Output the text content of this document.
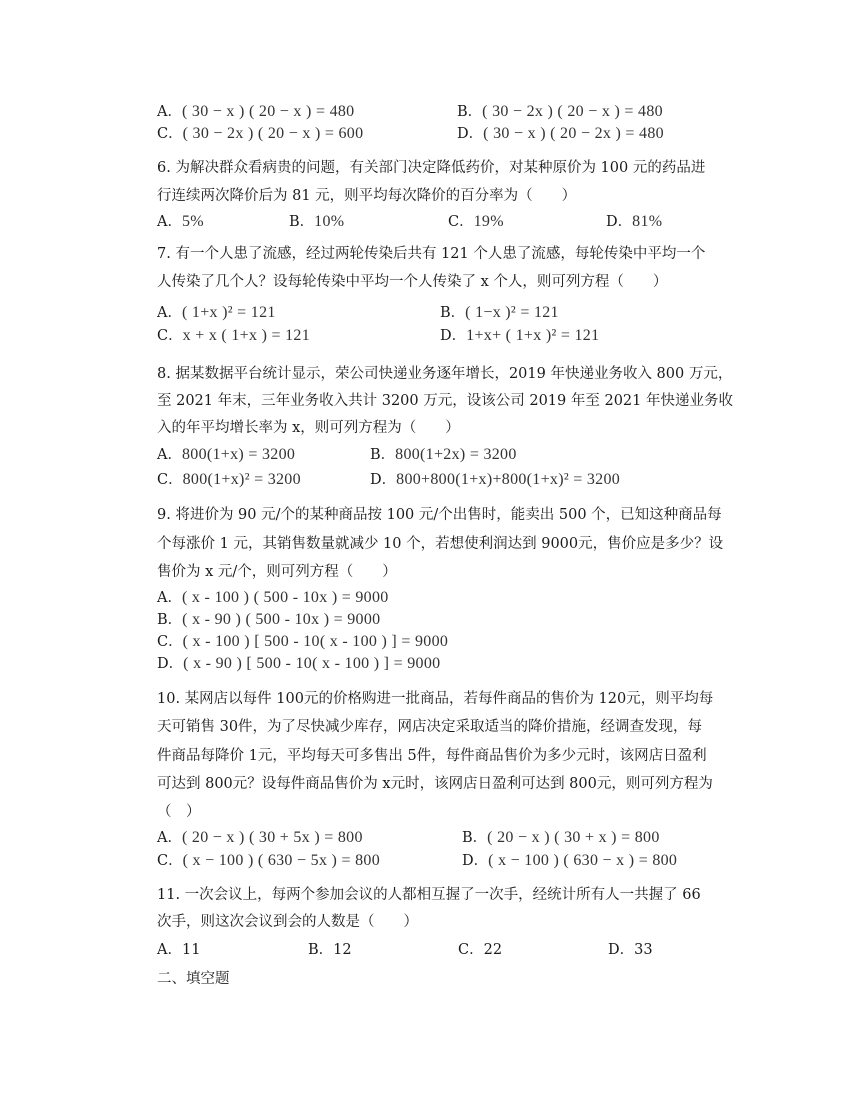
A．( 30 − x ) ( 20 − x ) = 480	B．( 30 − 2x ) ( 20 − x ) = 480
C．( 30 − 2x ) ( 20 − x ) = 600	D．( 30 − x ) ( 20 − 2x ) = 480
6. 为解决群众看病贵的问题，有关部门决定降低药价，对某种原价为 100 元的药品进
行连续两次降价后为 81 元，则平均每次降价的百分率为（　　）
A．5%	B．10%	C．19%	D．81%
7. 有一个人患了流感，经过两轮传染后共有 121 个人患了流感，每轮传染中平均一个
人传染了几个人？设每轮传染中平均一个人传染了 x 个人，则可列方程（　　）
A．( 1+x )² = 121	B．( 1−x )² = 121
C．x + x ( 1+x ) = 121	D．1+x+ ( 1+x )² = 121
8. 据某数据平台统计显示，荣公司快递业务逐年增长，2019 年快递业务收入 800 万元，
至 2021 年末，三年业务收入共计 3200 万元，设该公司 2019 年至 2021 年快递业务收
入的年平均增长率为 x，则可列方程为（　　）
A．800(1+x) = 3200	B．800(1+2x) = 3200
C．800(1+x)² = 3200	D．800+800(1+x)+800(1+x)² = 3200
9. 将进价为 90 元/个的某种商品按 100 元/个出售时，能卖出 500 个，已知这种商品每
个每涨价 1 元，其销售数量就减少 10 个，若想使利润达到 9000元，售价应是多少？设
售价为 x 元/个，则可列方程（　　）
A．( x - 100 ) ( 500 - 10x ) = 9000
B．( x - 90 ) ( 500 - 10x ) = 9000
C．( x - 100 ) [ 500 - 10( x - 100 ) ] = 9000
D．( x - 90 ) [ 500 - 10( x - 100 ) ] = 9000
10. 某网店以每件 100元的价格购进一批商品，若每件商品的售价为 120元，则平均每
天可销售 30件，为了尽快减少库存，网店决定采取适当的降价措施，经调查发现，每
件商品每降价 1元，平均每天可多售出 5件，每件商品售价为多少元时，该网店日盈利
可达到 800元？设每件商品售价为 x元时，该网店日盈利可达到 800元，则可列方程为
（　）
A．( 20 − x ) ( 30 + 5x ) = 800	B．( 20 − x ) ( 30 + x ) = 800
C．( x − 100 ) ( 630 − 5x ) = 800	D．( x − 100 ) ( 630 − x ) = 800
11. 一次会议上，每两个参加会议的人都相互握了一次手，经统计所有人一共握了 66
次手，则这次会议到会的人数是（　　）
A．11	B．12	C．22	D．33
二、填空题
